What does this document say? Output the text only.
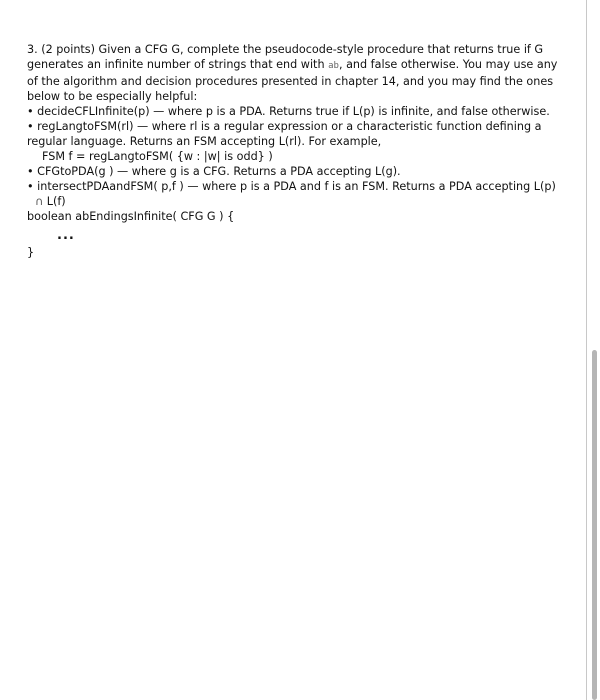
3. (2 points) Given a CFG G, complete the pseudocode-style procedure that returns true if G
generates an infinite number of strings that end with ab, and false otherwise. You may use any
of the algorithm and decision procedures presented in chapter 14, and you may find the ones
below to be especially helpful:
• decideCFLInfinite(p) — where p is a PDA. Returns true if L(p) is infinite, and false otherwise.
• regLangtoFSM(rl) — where rl is a regular expression or a characteristic function defining a
regular language. Returns an FSM accepting L(rl). For example,
FSM f = regLangtoFSM( {w : |w| is odd} )
• CFGtoPDA(g ) — where g is a CFG. Returns a PDA accepting L(g).
• intersectPDAandFSM( p,f ) — where p is a PDA and f is an FSM. Returns a PDA accepting L(p)
∩ L(f)
boolean abEndingsInfinite( CFG G ) {
...
}
